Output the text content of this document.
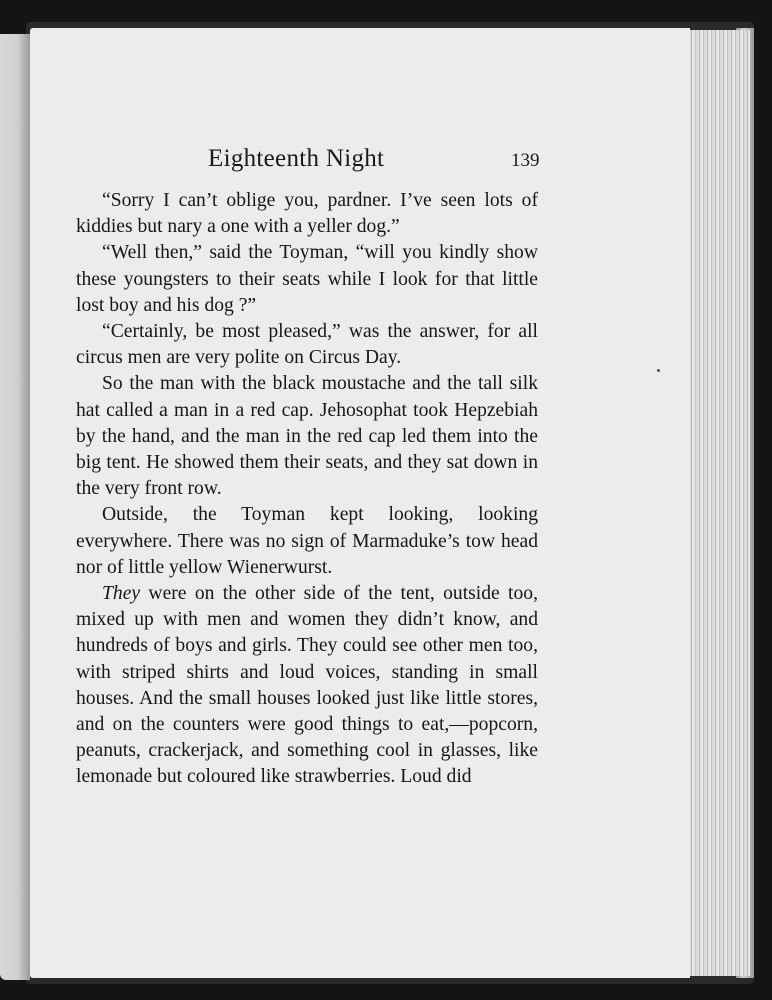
Eighteenth Night	139

“Sorry I can’t oblige you, pardner. I’ve seen lots of kiddies but nary a one with a yeller dog.”

“Well then,” said the Toyman, “will you kindly show these youngsters to their seats while I look for that little lost boy and his dog ?”

“Certainly, be most pleased,” was the answer, for all circus men are very polite on Circus Day.

So the man with the black moustache and the tall silk hat called a man in a red cap. Jehosophat took Hepzebiah by the hand, and the man in the red cap led them into the big tent. He showed them their seats, and they sat down in the very front row.

Outside, the Toyman kept looking, looking everywhere. There was no sign of Marmaduke’s tow head nor of little yellow Wienerwurst.

They were on the other side of the tent, outside too, mixed up with men and women they didn’t know, and hundreds of boys and girls. They could see other men too, with striped shirts and loud voices, standing in small houses. And the small houses looked just like little stores, and on the counters were good things to eat,—popcorn, peanuts, crackerjack, and something cool in glasses, like lemonade but coloured like strawberries. Loud did
